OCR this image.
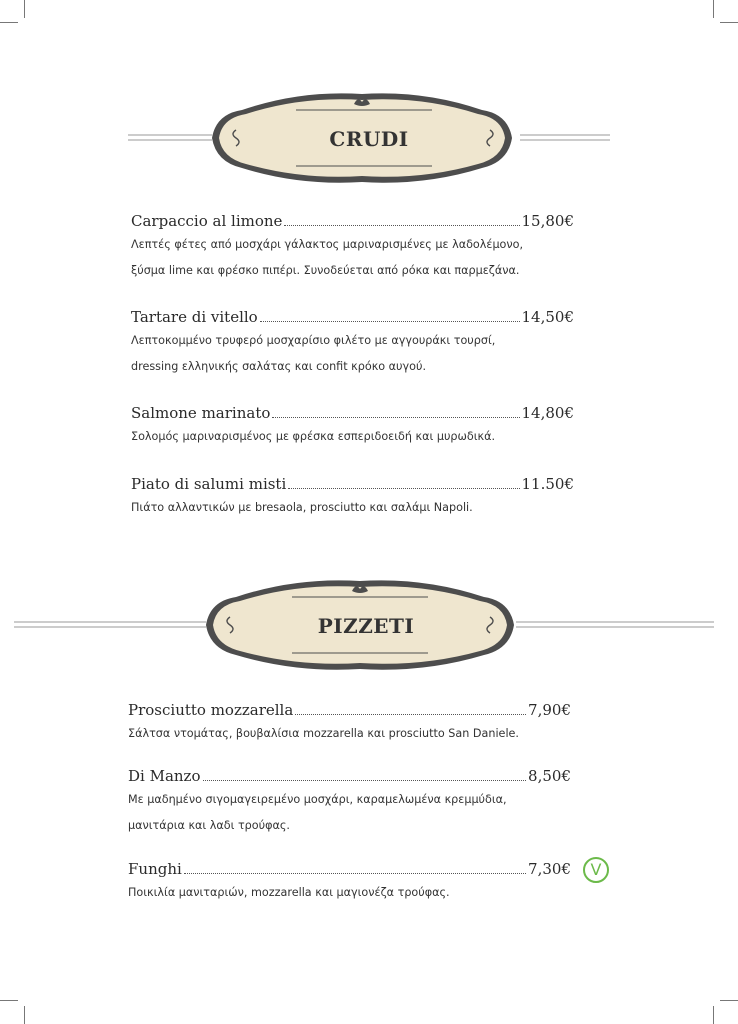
CRUDI
Carpaccio al limone	15,80€
Λεπτές φέτες από μοσχάρι γάλακτος μαριναρισμένες με λαδολέμονο,
ξύσμα lime και φρέσκο πιπέρι. Συνοδεύεται από ρόκα και παρμεζάνα.
Tartare di vitello	14,50€
Λεπτοκομμένο τρυφερό μοσχαρίσιο φιλέτο με αγγουράκι τουρσί,
dressing ελληνικής σαλάτας και confit κρόκο αυγού.
Salmone marinato	14,80€
Σολομός μαριναρισμένος με φρέσκα εσπεριδοειδή και μυρωδικά.
Piato di salumi misti	11.50€
Πιάτο αλλαντικών με bresaola, prosciutto και σαλάμι Napoli.
PIZZETI
Prosciutto mozzarella	7,90€
Σάλτσα ντομάτας, βουβαλίσια mozzarella και prosciutto San Daniele.
Di Manzo	8,50€
Με μαδημένο σιγομαγειρεμένο μοσχάρι, καραμελωμένα κρεμμύδια,
μανιτάρια και λαδι τρούφας.
Funghi	7,30€
Ποικιλία μανιταριών, mozzarella και μαγιονέζα τρούφας.
V
